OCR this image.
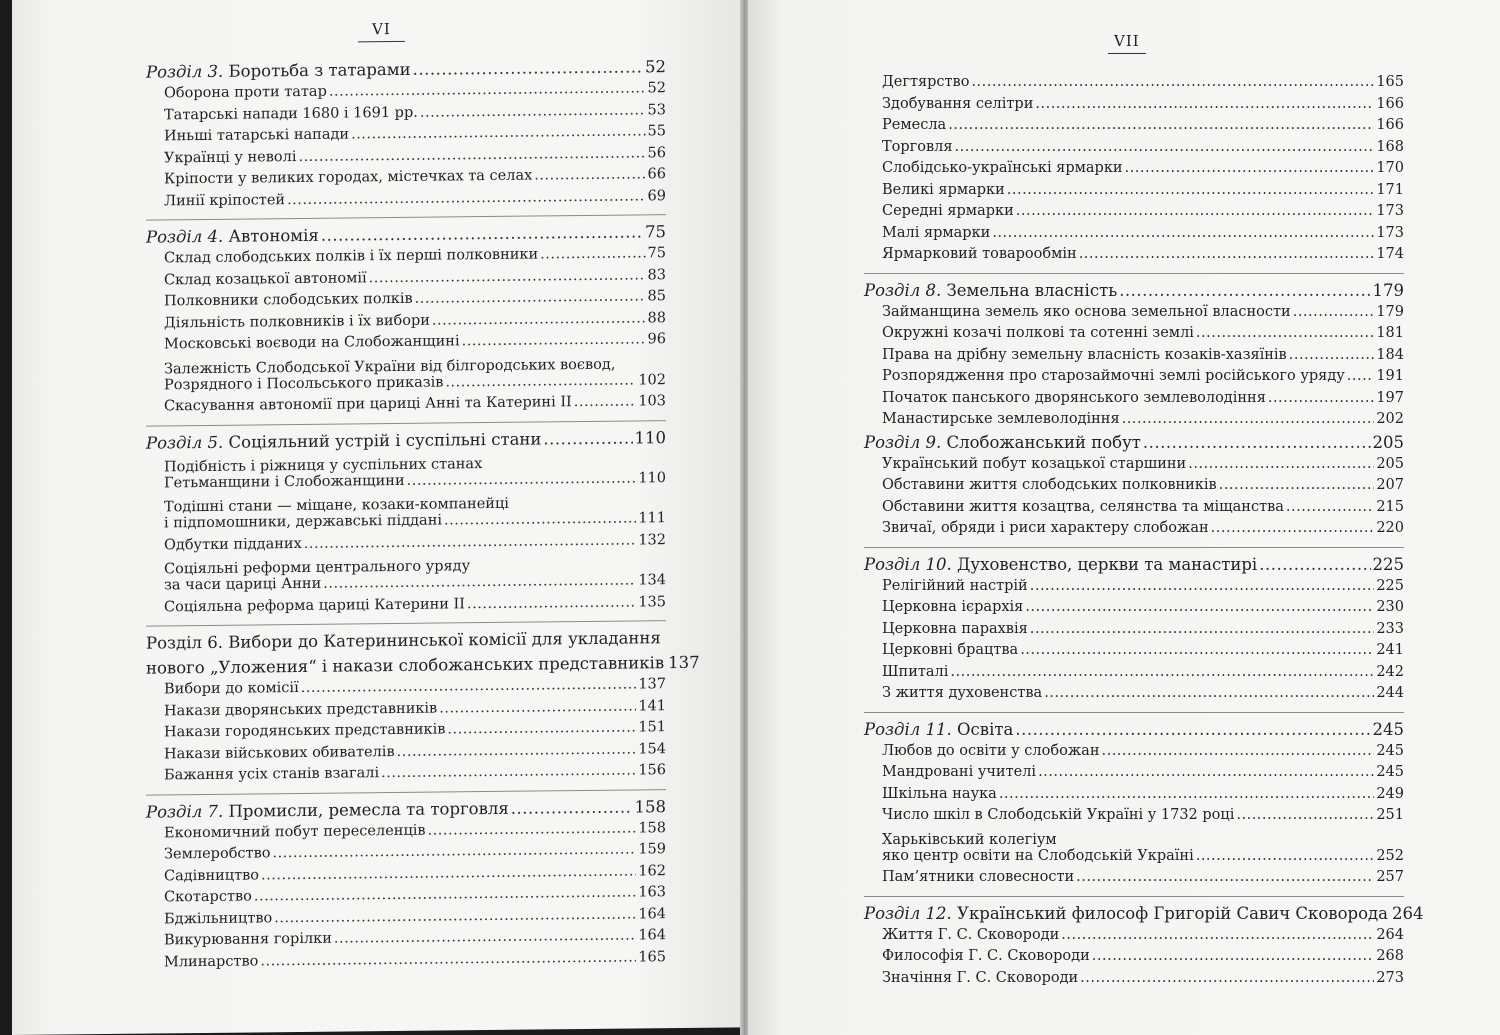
VI
Розділ 3. Боротьба з татарами .....	52
Оборона проти татар .....	52
Татарські напади 1680 і 1691 рр. .....	53
Иньші татарські напади .....	55
Українці у неволі .....	56
Кріпости у великих городах, містечках та селах .....	66
Линії кріпостей .....	69
Розділ 4. Автономія .....	75
Склад слободських полків і їх перші полковники .....	75
Склад козацької автономії .....	83
Полковники слободських полків .....	85
Діяльність полковників і їх вибори .....	88
Московські воєводи на Слобожанщині .....	96
Залежність Слободської України від білгородських воєвод,
Розрядного і Посольського приказів .....	102
Скасування автономії при цариці Анні та Катерині ІІ .....	103
Розділ 5. Соціяльний устрій і суспільні стани .....	110
Подібність і ріжниця у суспільних станах
Гетьманщини і Слобожанщини .....	110
Тодішні стани — міщане, козаки-компанейці
і підпомошники, державські піддані .....	111
Одбутки підданих .....	132
Соціяльні реформи центрального уряду
за часи цариці Анни .....	134
Соціяльна реформа цариці Катерини ІІ .....	135
Розділ 6. Вибори до Катерининської комісії для укладання
нового „Уложения“ і накази слобожанських представників 137
Вибори до комісії .....	137
Накази дворянських представників .....	141
Накази городянських представників .....	151
Накази військових обивателів .....	154
Бажання усіх станів взагалі .....	156
Розділ 7. Промисли, ремесла та торговля .....	158
Економичний побут переселенців .....	158
Землеробство .....	159
Садівництво .....	162
Скотарство .....	163
Бджільництво .....	164
Викурювання горілки .....	164
Млинарство .....	165
VII
Дегтярство .....	165
Здобування селітри .....	166
Ремесла .....	166
Торговля .....	168
Слобідсько-українські ярмарки .....	170
Великі ярмарки .....	171
Середні ярмарки .....	173
Малі ярмарки .....	173
Ярмарковий товарообмін .....	174
Розділ 8. Земельна власність .....	179
Займанщина земель яко основа земельної власности .....	179
Окружні козачі полкові та сотенні землі .....	181
Права на дрібну земельну власність козаків-хазяїнів .....	184
Розпорядження про старозаймочні землі російського уряду ..... 191
Початок панського дворянського землеволодіння .....	197
Манастирське землеволодіння .....	202
Розділ 9. Слобожанський побут .....	205
Український побут козацької старшини .....	205
Обставини життя слободських полковників .....	207
Обставини життя козацтва, селянства та міщанства .....	215
Звичаї, обряди і риси характеру слобожан .....	220
Розділ 10. Духовенство, церкви та манастирі .....	225
Релігійний настрій .....	225
Церковна ієрархія .....	230
Церковна парахвія .....	233
Церковні брацтва .....	241
Шпиталі .....	242
З життя духовенства .....	244
Розділ 11. Освіта .....	245
Любов до освіти у слобожан .....	245
Мандровані учителі .....	245
Шкільна наука .....	249
Число шкіл в Слободській Україні у 1732 році .....	251
Харьківський колегіум
яко центр освіти на Слободській Україні .....	252
Пам’ятники словесности .....	257
Розділ 12. Український философ Григорій Савич Сковорода 264
Життя Г. С. Сковороди .....	264
Философія Г. С. Сковороди .....	268
Значіння Г. С. Сковороди .....	273
